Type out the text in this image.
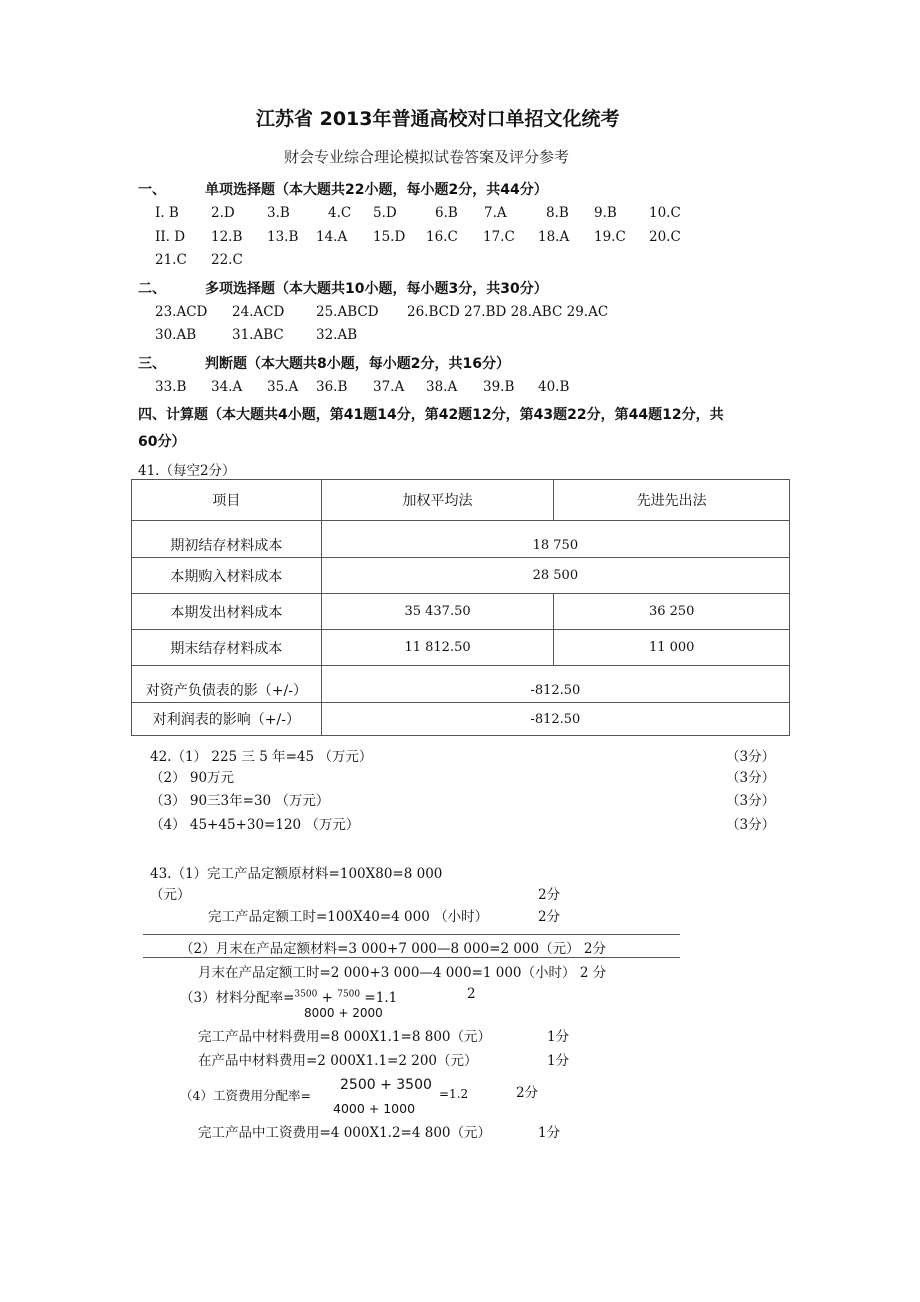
江苏省 2013年普通高校对口单招文化统考
财会专业综合理论模拟试卷答案及评分参考
一、	单项选择题（本大题共22小题，每小题2分，共44分）
I. B 2.D 3.B	4.C 5.D	6.B 7.A	8.B 9.B 10.C
II. D 12.B 13.B 14.A 15.D 16.C 17.C 18.A 19.C 20.C
21.C 22.C
二、	多项选择题（本大题共10小题，每小题3分，共30分）
23.ACD 24.ACD 25.ABCD 26.BCD 27.BD 28.ABC 29.AC
30.AB	31.ABC 32.AB
三、	判断题（本大题共8小题，每小题2分，共16分）
33.B 34.A 35.A 36.B 37.A 38.A 39.B 40.B
四、计算题（本大题共4小题，第41题14分，第42题12分，第43题22分，第44题12分，共
60分）
41.（每空2分）
项目	加权平均法	先进先出法
期初结存材料成本	18 750	
本期购入材料成本	28 500	
本期发出材料成本	35 437.50	36 250
期末结存材料成本	11 812.50	11 000
对资产负债表的影（+/-）	-812.50	
对利润表的影响（+/-）	-812.50	
42.（1） 225 三 5 年=45 （万元）	（3分）
（2） 90万元	（3分）
（3） 90三3年=30 （万元）	（3分）
（4） 45+45+30=120 （万元）	（3分）
43.（1）完工产品定额原材料=100X80=8 000
（元）	2分
完工产品定额工时=100X40=4 000 （小时）	2分
（2）月末在产品定额材料=3 000+7 000—8 000=2 000（元） 2分
月末在产品定额工时=2 000+3 000—4 000=1 000（小时） 2 分
（3）材料分配率=$^{3500}$ + $^{7500}$ =1.1	2
8000 + 2000
完工产品中材料费用=8 000X1.1=8 800（元）	1分
在产品中材料费用=2 000X1.1=2 200（元）	1分
（4）工资费用分配率=
2500 + 3500
=1.2	2分
4000 + 1000
完工产品中工资费用=4 000X1.2=4 800（元）	1分
